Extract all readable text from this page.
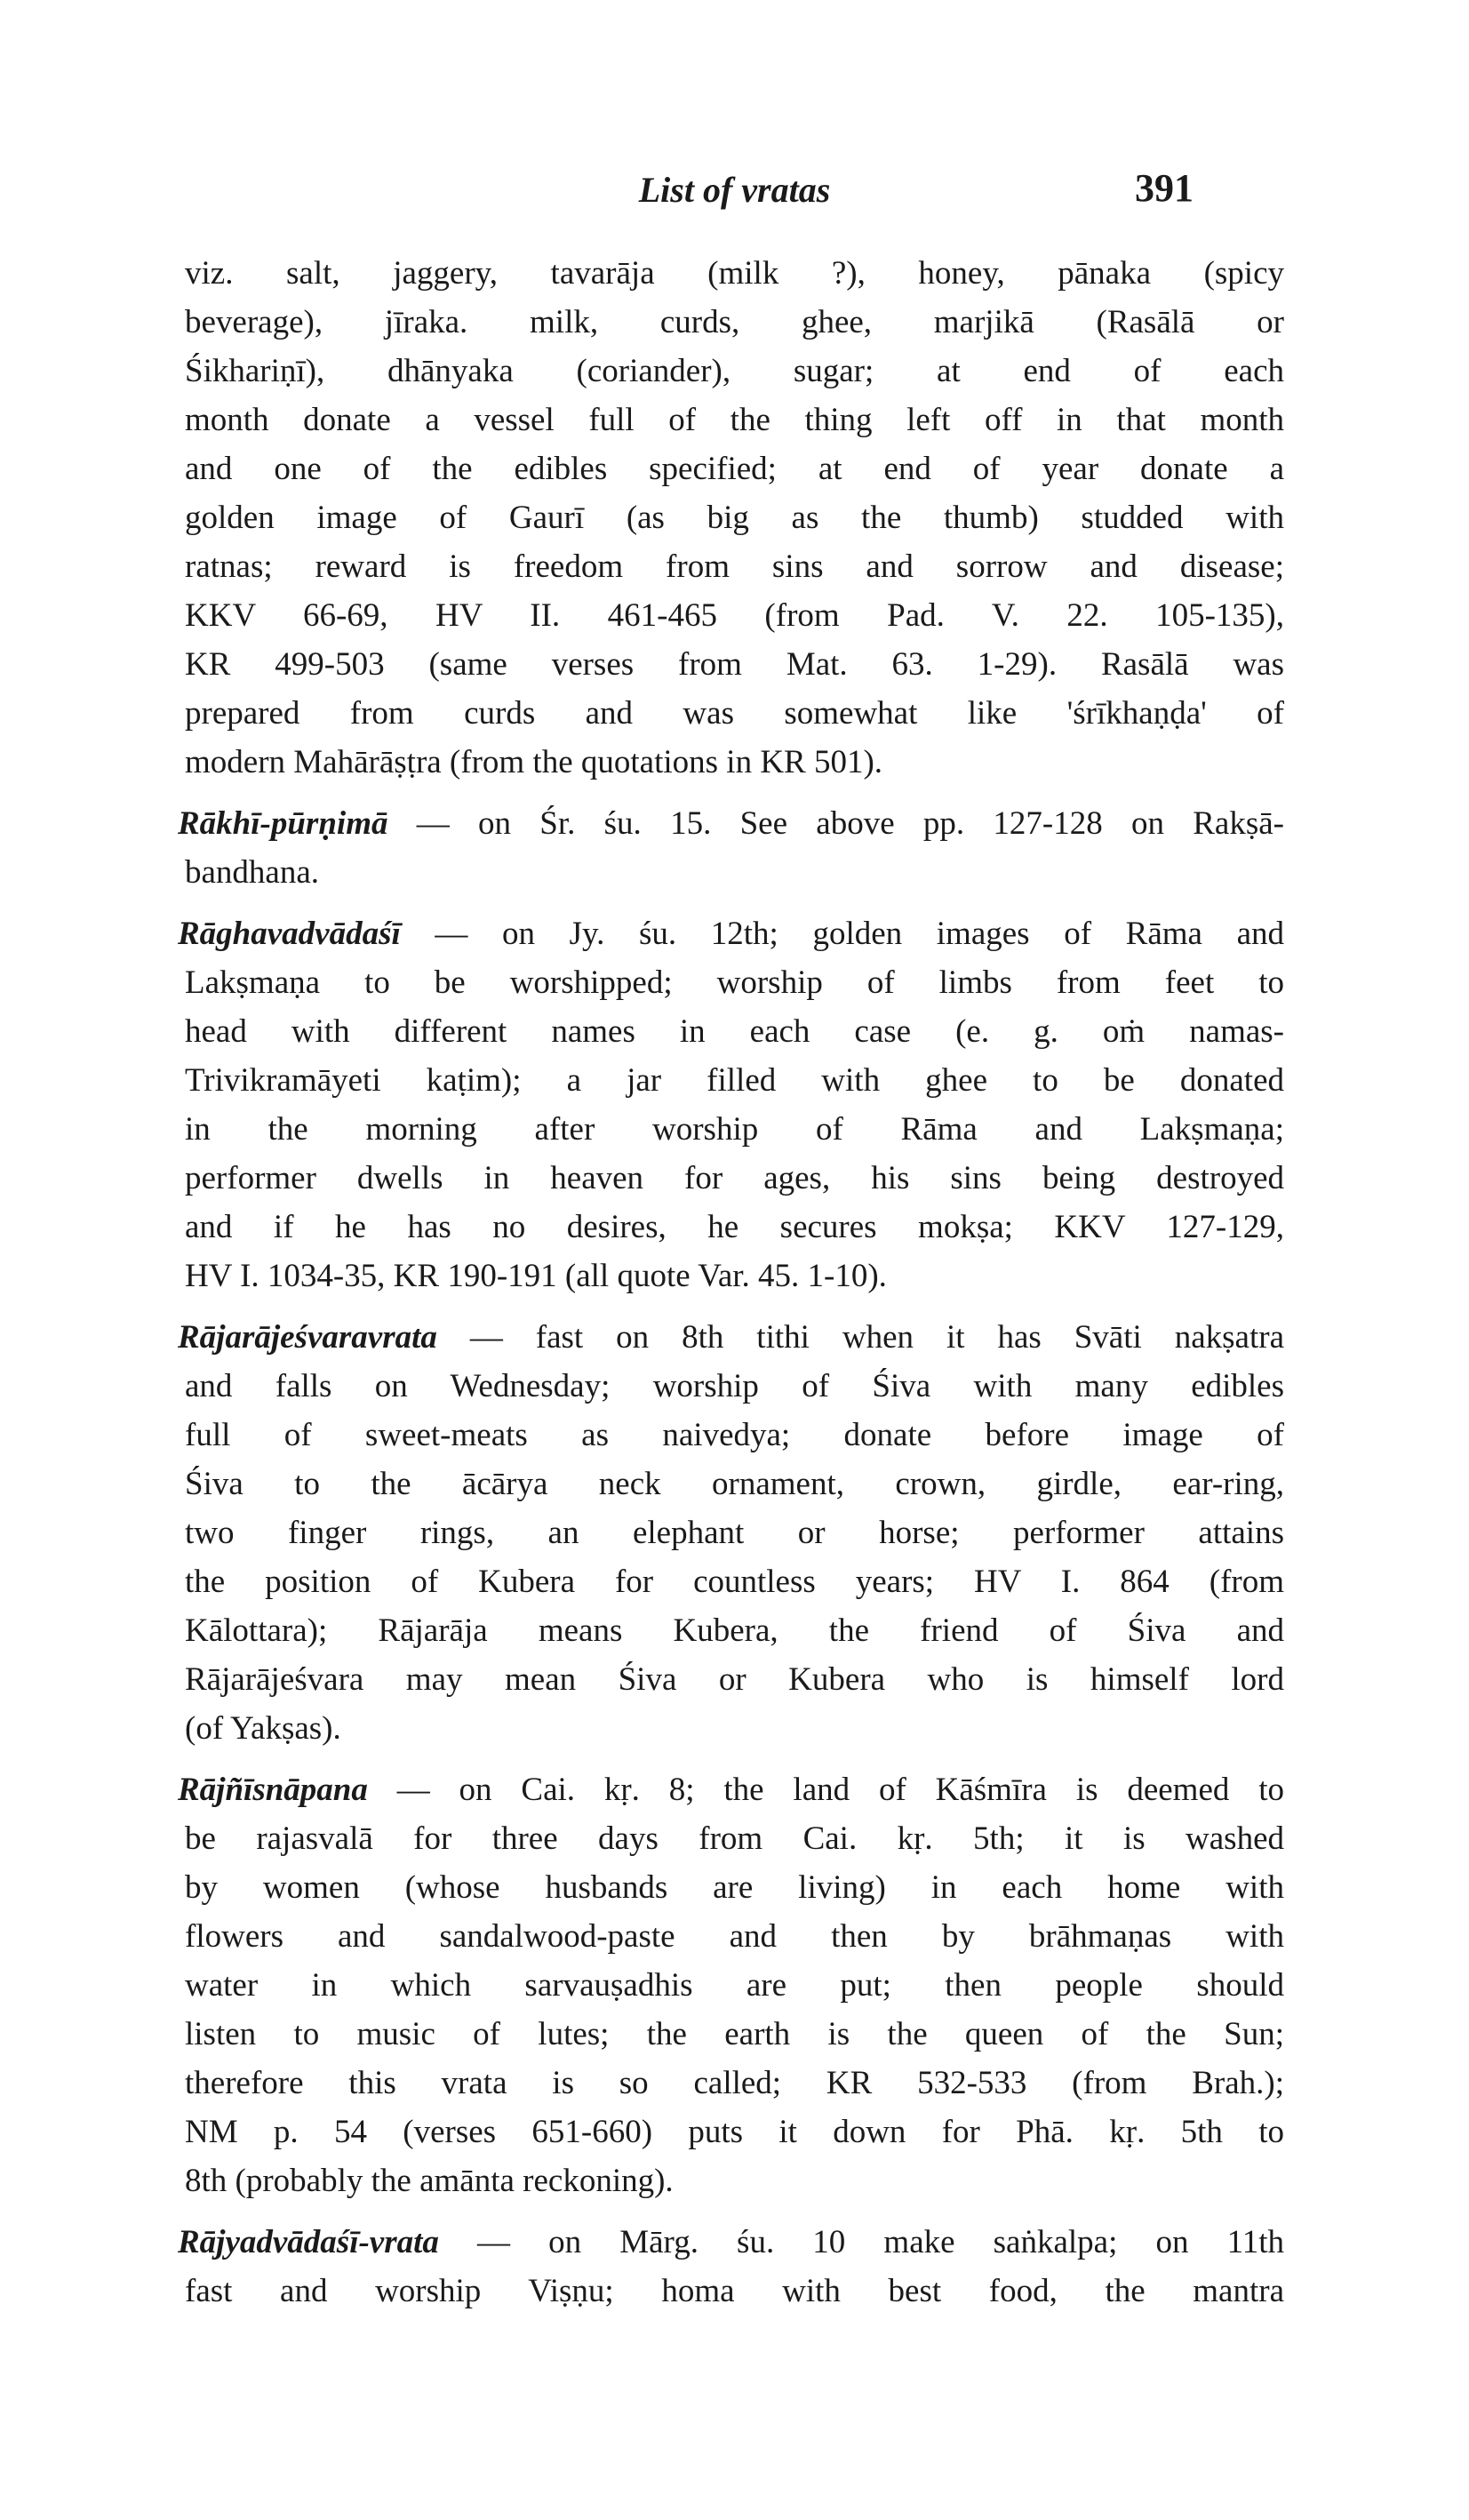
List of vratas	391
viz. salt, jaggery, tavarāja (milk ?), honey, pānaka (spicy
beverage), jīraka. milk, curds, ghee, marjikā (Rasālā or
Śikhariṇī), dhānyaka (coriander), sugar; at end of each
month donate a vessel full of the thing left off in that month
and one of the edibles specified; at end of year donate a
golden image of Gaurī (as big as the thumb) studded with
ratnas; reward is freedom from sins and sorrow and disease;
KKV 66-69, HV II. 461-465 (from Pad. V. 22. 105-135),
KR 499-503 (same verses from Mat. 63. 1-29). Rasālā was
prepared from curds and was somewhat like 'śrīkhaṇḍa' of
modern Mahārāṣṭra (from the quotations in KR 501).
Rākhī-pūrṇimā — on Śr. śu. 15. See above pp. 127-128 on Rakṣā-
bandhana.
Rāghavadvādaśī — on Jy. śu. 12th; golden images of Rāma and
Lakṣmaṇa to be worshipped; worship of limbs from feet to
head with different names in each case (e. g. oṁ namas-
Trivikramāyeti kaṭim); a jar filled with ghee to be donated
in the morning after worship of Rāma and Lakṣmaṇa;
performer dwells in heaven for ages, his sins being destroyed
and if he has no desires, he secures mokṣa; KKV 127-129,
HV I. 1034-35, KR 190-191 (all quote Var. 45. 1-10).
Rājarājeśvaravrata — fast on 8th tithi when it has Svāti nakṣatra
and falls on Wednesday; worship of Śiva with many edibles
full of sweet-meats as naivedya; donate before image of
Śiva to the ācārya neck ornament, crown, girdle, ear-ring,
two finger rings, an elephant or horse; performer attains
the position of Kubera for countless years; HV I. 864 (from
Kālottara); Rājarāja means Kubera, the friend of Śiva and
Rājarājeśvara may mean Śiva or Kubera who is himself lord
(of Yakṣas).
Rājñīsnāpana — on Cai. kṛ. 8; the land of Kāśmīra is deemed to
be rajasvalā for three days from Cai. kṛ. 5th; it is washed
by women (whose husbands are living) in each home with
flowers and sandalwood-paste and then by brāhmaṇas with
water in which sarvauṣadhis are put; then people should
listen to music of lutes; the earth is the queen of the Sun;
therefore this vrata is so called; KR 532-533 (from Brah.);
NM p. 54 (verses 651-660) puts it down for Phā. kṛ. 5th to
8th (probably the amānta reckoning).
Rājyadvādaśī-vrata — on Mārg. śu. 10 make saṅkalpa; on 11th
fast and worship Viṣṇu; homa with best food, the mantra
